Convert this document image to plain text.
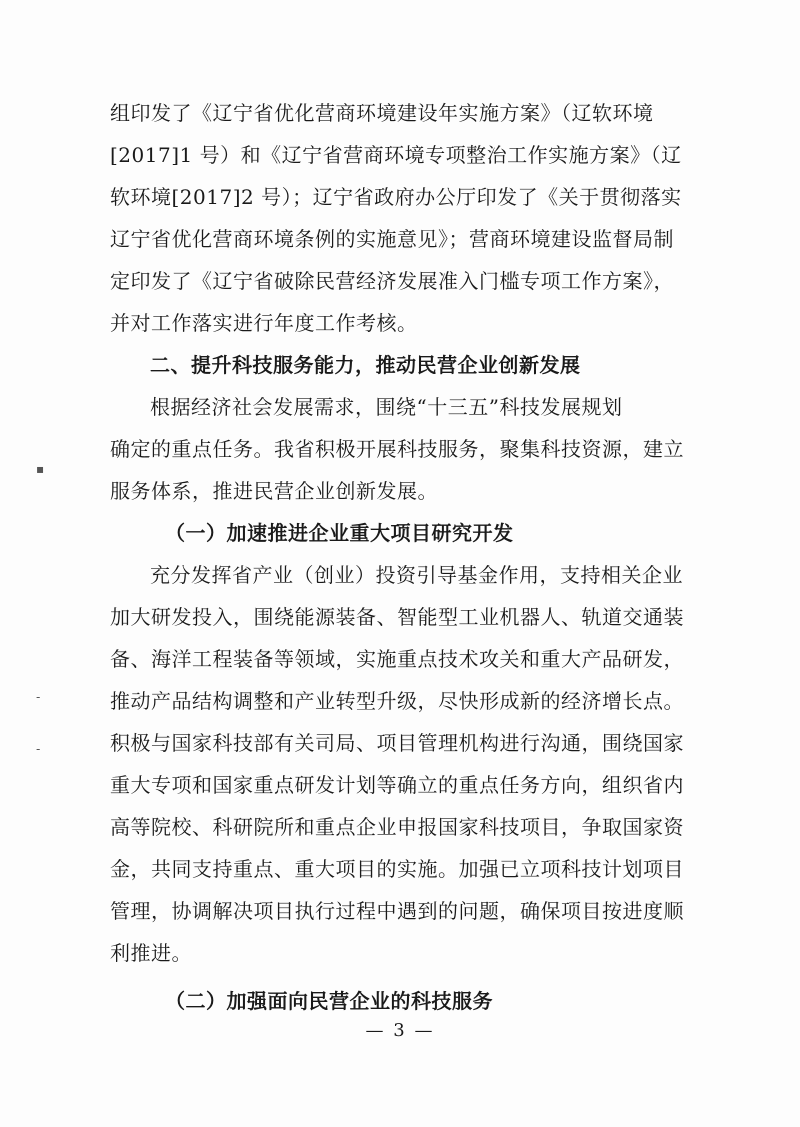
▪
-
-
组印发了《辽宁省优化营商环境建设年实施方案》（辽软环境
[2017]1 号）和《辽宁省营商环境专项整治工作实施方案》（辽
软环境[2017]2 号）；辽宁省政府办公厅印发了《关于贯彻落实
辽宁省优化营商环境条例的实施意见》；营商环境建设监督局制
定印发了《辽宁省破除民营经济发展准入门槛专项工作方案》，
并对工作落实进行年度工作考核。
二、提升科技服务能力，推动民营企业创新发展
根据经济社会发展需求，围绕“十三五”科技发展规划
确定的重点任务。我省积极开展科技服务，聚集科技资源，建立
服务体系，推进民营企业创新发展。
（一）加速推进企业重大项目研究开发
充分发挥省产业（创业）投资引导基金作用，支持相关企业
加大研发投入，围绕能源装备、智能型工业机器人、轨道交通装
备、海洋工程装备等领域，实施重点技术攻关和重大产品研发，
推动产品结构调整和产业转型升级，尽快形成新的经济增长点。
积极与国家科技部有关司局、项目管理机构进行沟通，围绕国家
重大专项和国家重点研发计划等确立的重点任务方向，组织省内
高等院校、科研院所和重点企业申报国家科技项目，争取国家资
金，共同支持重点、重大项目的实施。加强已立项科技计划项目
管理，协调解决项目执行过程中遇到的问题，确保项目按进度顺
利推进。
（二）加强面向民营企业的科技服务
— 3 —
